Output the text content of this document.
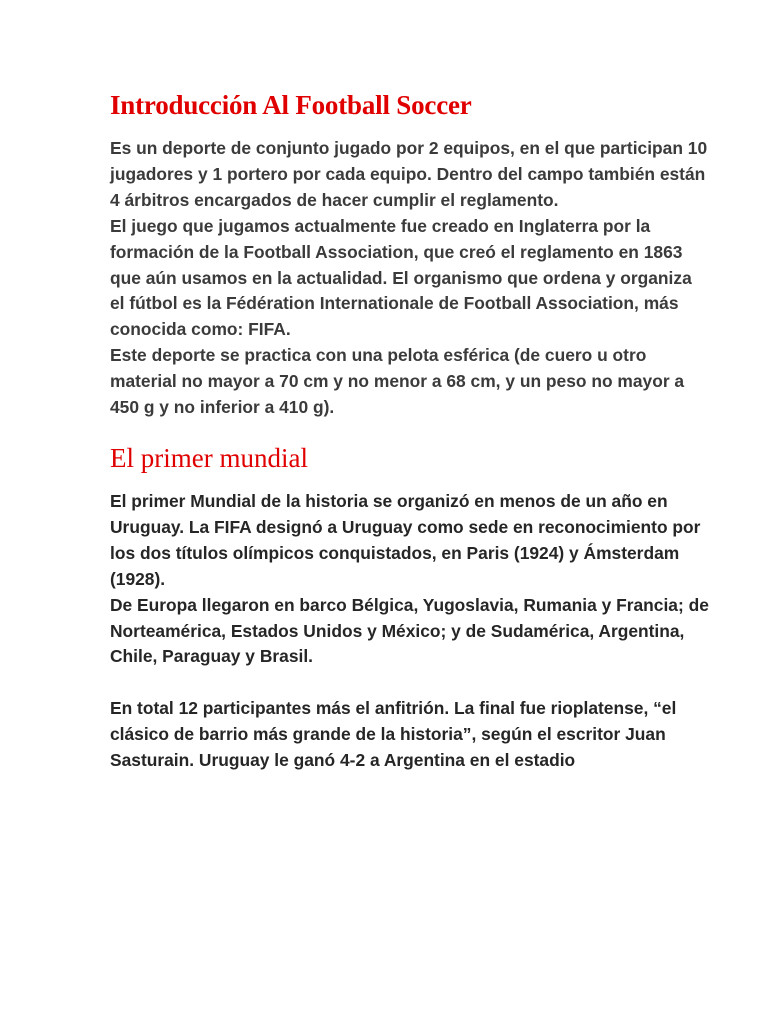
Introducción Al Football Soccer

Es un deporte de conjunto jugado por 2 equipos, en el que participan 10 jugadores y 1 portero por cada equipo. Dentro del campo también están 4 árbitros encargados de hacer cumplir el reglamento.

El juego que jugamos actualmente fue creado en Inglaterra por la formación de la Football Association, que creó el reglamento en 1863 que aún usamos en la actualidad. El organismo que ordena y organiza el fútbol es la Fédération Internationale de Football Association, más conocida como: FIFA.

Este deporte se practica con una pelota esférica (de cuero u otro material no mayor a 70 cm y no menor a 68 cm, y un peso no mayor a 450 g y no inferior a 410 g).

El primer mundial

El primer Mundial de la historia se organizó en menos de un año en Uruguay. La FIFA designó a Uruguay como sede en reconocimiento por los dos títulos olímpicos conquistados, en Paris (1924) y Ámsterdam (1928).

De Europa llegaron en barco Bélgica, Yugoslavia, Rumania y Francia; de Norteamérica, Estados Unidos y México; y de Sudamérica, Argentina, Chile, Paraguay y Brasil.

En total 12 participantes más el anfitrión. La final fue rioplatense, “el clásico de barrio más grande de la historia”, según el escritor Juan Sasturain. Uruguay le ganó 4-2 a Argentina en el estadio
